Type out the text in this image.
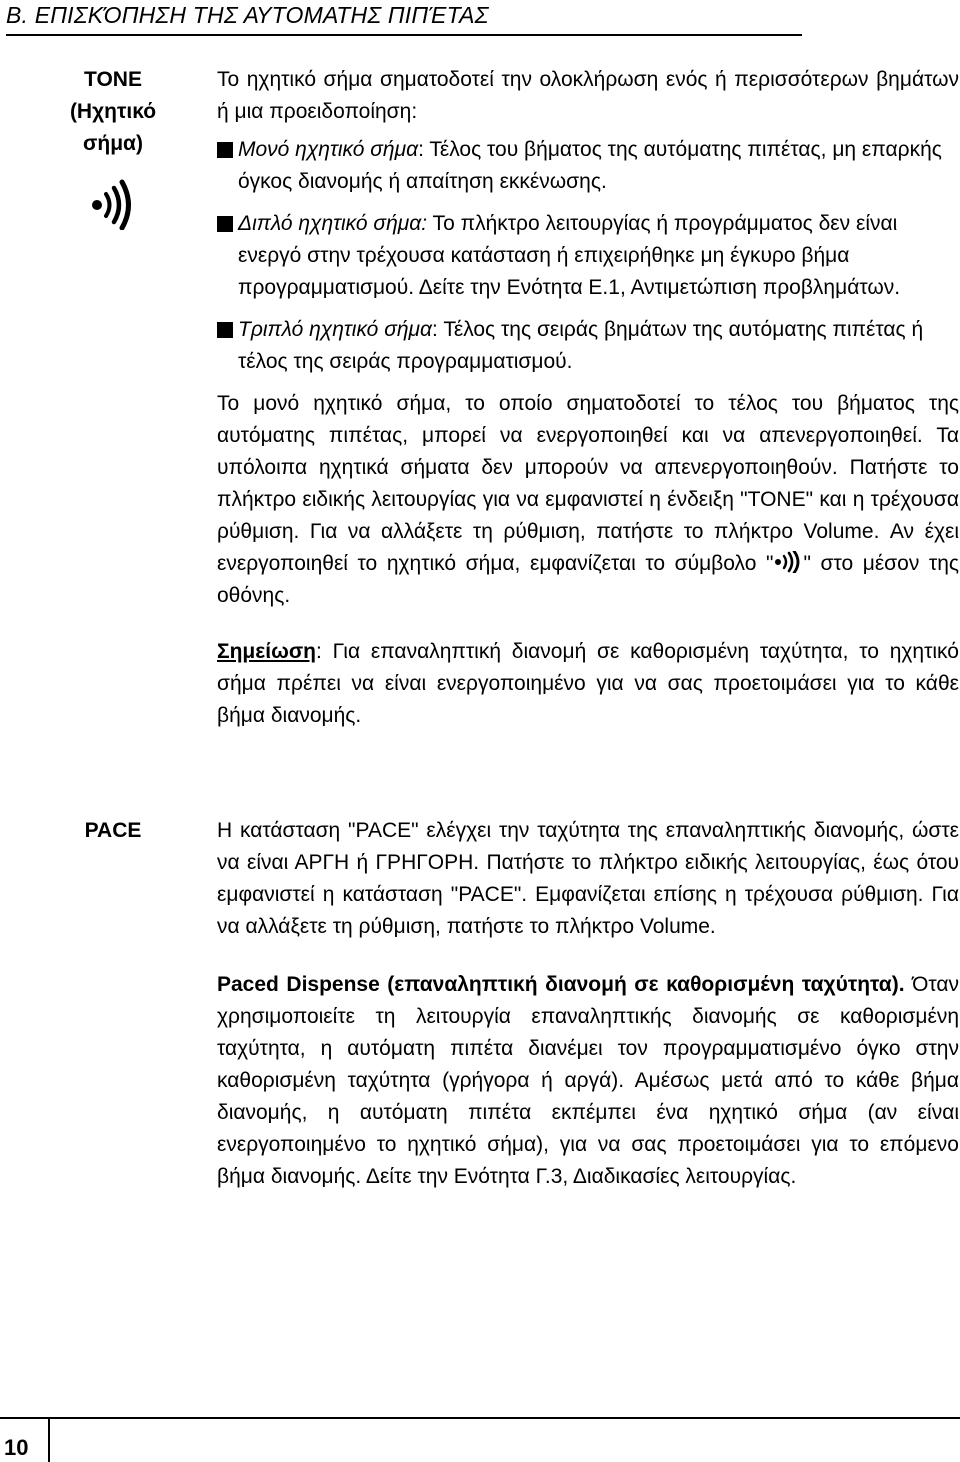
Β. ΕΠΙΣΚΌΠΗΣΗ ΤΗΣ ΑΥΤΟΜΑΤΗΣ ΠΙΠΈΤΑΣ
TONE
(Ηχητικό
σήμα)

Το ηχητικό σήμα σηματοδοτεί την ολοκλήρωση ενός ή περισσότερων βημάτων ή μια προειδοποίηση:

Μονό ηχητικό σήμα: Τέλος του βήματος της αυτόματης πιπέτας, μη επαρκής όγκος διανομής ή απαίτηση εκκένωσης.

Διπλό ηχητικό σήμα: Το πλήκτρο λειτουργίας ή προγράμματος δεν είναι ενεργό στην τρέχουσα κατάσταση ή επιχειρήθηκε μη έγκυρο βήμα προγραμματισμού. Δείτε την Ενότητα Ε.1, Αντιμετώπιση προβλημάτων.

Τριπλό ηχητικό σήμα: Τέλος της σειράς βημάτων της αυτόματης πιπέτας ή τέλος της σειράς προγραμματισμού.

Το μονό ηχητικό σήμα, το οποίο σηματοδοτεί το τέλος του βήματος της αυτόματης πιπέτας, μπορεί να ενεργοποιηθεί και να απενεργοποιηθεί. Τα υπόλοιπα ηχητικά σήματα δεν μπορούν να απενεργοποιηθούν. Πατήστε το πλήκτρο ειδικής λειτουργίας για να εμφανιστεί η ένδειξη "TONE" και η τρέχουσα ρύθμιση. Για να αλλάξετε τη ρύθμιση, πατήστε το πλήκτρο Volume. Αν έχει ενεργοποιηθεί το ηχητικό σήμα, εμφανίζεται το σύμβολο " " στο μέσον της οθόνης.

Σημείωση: Για επαναληπτική διανομή σε καθορισμένη ταχύτητα, το ηχητικό σήμα πρέπει να είναι ενεργοποιημένο για να σας προετοιμάσει για το κάθε βήμα διανομής.

PACE	Η κατάσταση "PACE" ελέγχει την ταχύτητα της επαναληπτικής διανομής, ώστε να είναι ΑΡΓΗ ή ΓΡΗΓΟΡΗ. Πατήστε το πλήκτρο ειδικής λειτουργίας, έως ότου εμφανιστεί η κατάσταση "PACE". Εμφανίζεται επίσης η τρέχουσα ρύθμιση. Για να αλλάξετε τη ρύθμιση, πατήστε το πλήκτρο Volume.

Paced Dispense (επαναληπτική διανομή σε καθορισμένη ταχύτητα). Όταν χρησιμοποιείτε τη λειτουργία επαναληπτικής διανομής σε καθορισμένη ταχύτητα, η αυτόματη πιπέτα διανέμει τον προγραμματισμένο όγκο στην καθορισμένη ταχύτητα (γρήγορα ή αργά). Αμέσως μετά από το κάθε βήμα διανομής, η αυτόματη πιπέτα εκπέμπει ένα ηχητικό σήμα (αν είναι ενεργοποιημένο το ηχητικό σήμα), για να σας προετοιμάσει για το επόμενο βήμα διανομής. Δείτε την Ενότητα Γ.3, Διαδικασίες λειτουργίας.

10
